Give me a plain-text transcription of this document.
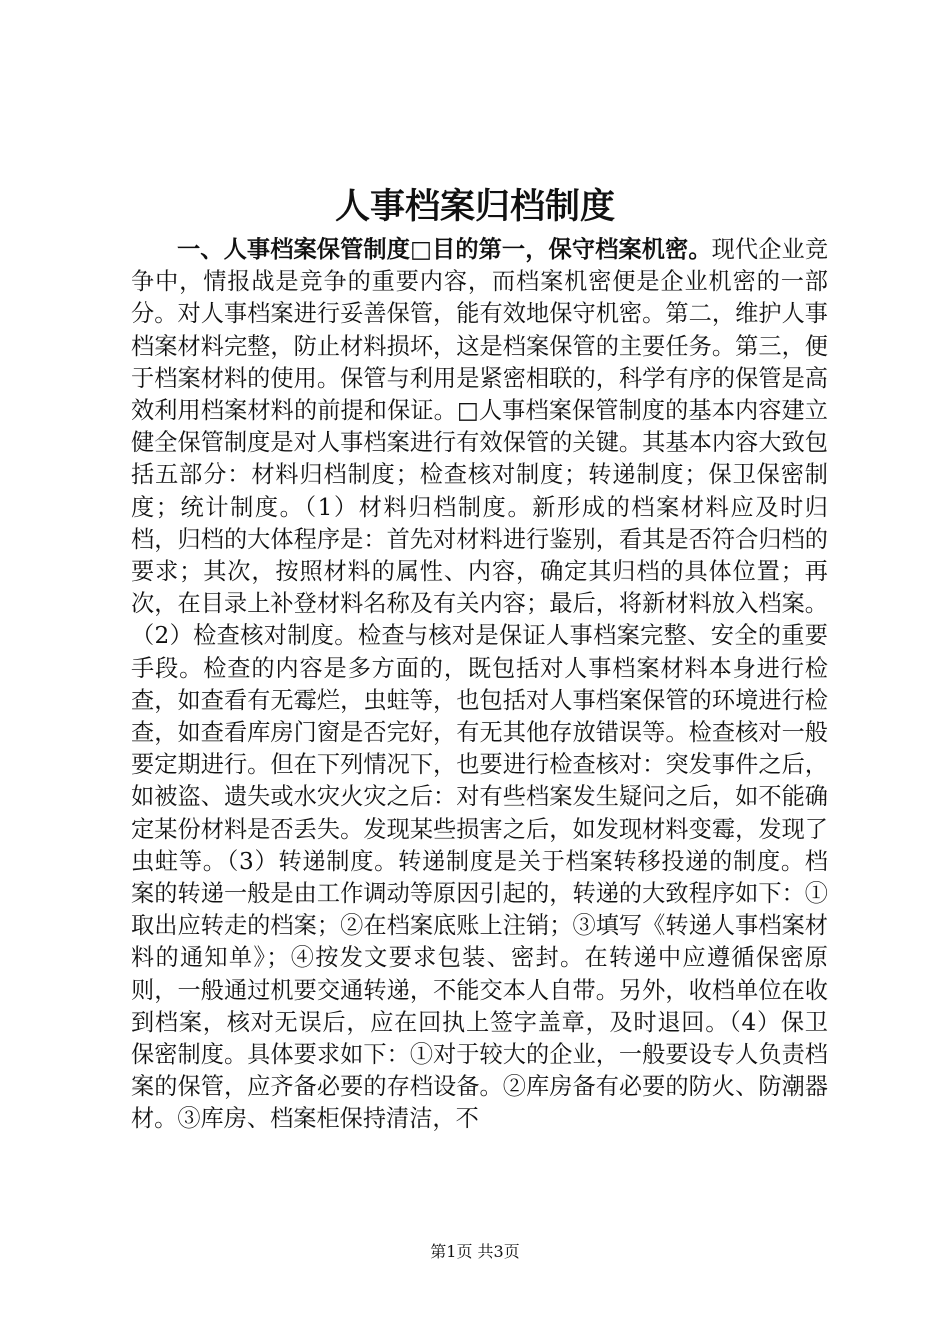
人事档案归档制度

一、人事档案保管制度□目的第一，保守档案机密。现代企业竞争中，情报战是竞争的重要内容，而档案机密便是企业机密的一部分。对人事档案进行妥善保管，能有效地保守机密。第二，维护人事档案材料完整，防止材料损坏，这是档案保管的主要任务。第三，便于档案材料的使用。保管与利用是紧密相联的，科学有序的保管是高效利用档案材料的前提和保证。□人事档案保管制度的基本内容建立健全保管制度是对人事档案进行有效保管的关键。其基本内容大致包括五部分：材料归档制度；检查核对制度；转递制度；保卫保密制度；统计制度。（1）材料归档制度。新形成的档案材料应及时归档，归档的大体程序是：首先对材料进行鉴别，看其是否符合归档的要求；其次，按照材料的属性、内容，确定其归档的具体位置；再次，在目录上补登材料名称及有关内容；最后，将新材料放入档案。（2）检查核对制度。检查与核对是保证人事档案完整、安全的重要手段。检查的内容是多方面的，既包括对人事档案材料本身进行检查，如查看有无霉烂，虫蛀等，也包括对人事档案保管的环境进行检查，如查看库房门窗是否完好，有无其他存放错误等。检查核对一般要定期进行。但在下列情况下，也要进行检查核对：突发事件之后，如被盗、遗失或水灾火灾之后：对有些档案发生疑问之后，如不能确定某份材料是否丢失。发现某些损害之后，如发现材料变霉，发现了虫蛀等。（3）转递制度。转递制度是关于档案转移投递的制度。档案的转递一般是由工作调动等原因引起的，转递的大致程序如下：①取出应转走的档案；②在档案底账上注销；③填写《转递人事档案材料的通知单》；④按发文要求包装、密封。在转递中应遵循保密原则，一般通过机要交通转递，不能交本人自带。另外，收档单位在收到档案，核对无误后，应在回执上签字盖章，及时退回。（4）保卫保密制度。具体要求如下：①对于较大的企业，一般要设专人负责档案的保管，应齐备必要的存档设备。②库房备有必要的防火、防潮器材。③库房、档案柜保持清洁，不

第1页 共3页
